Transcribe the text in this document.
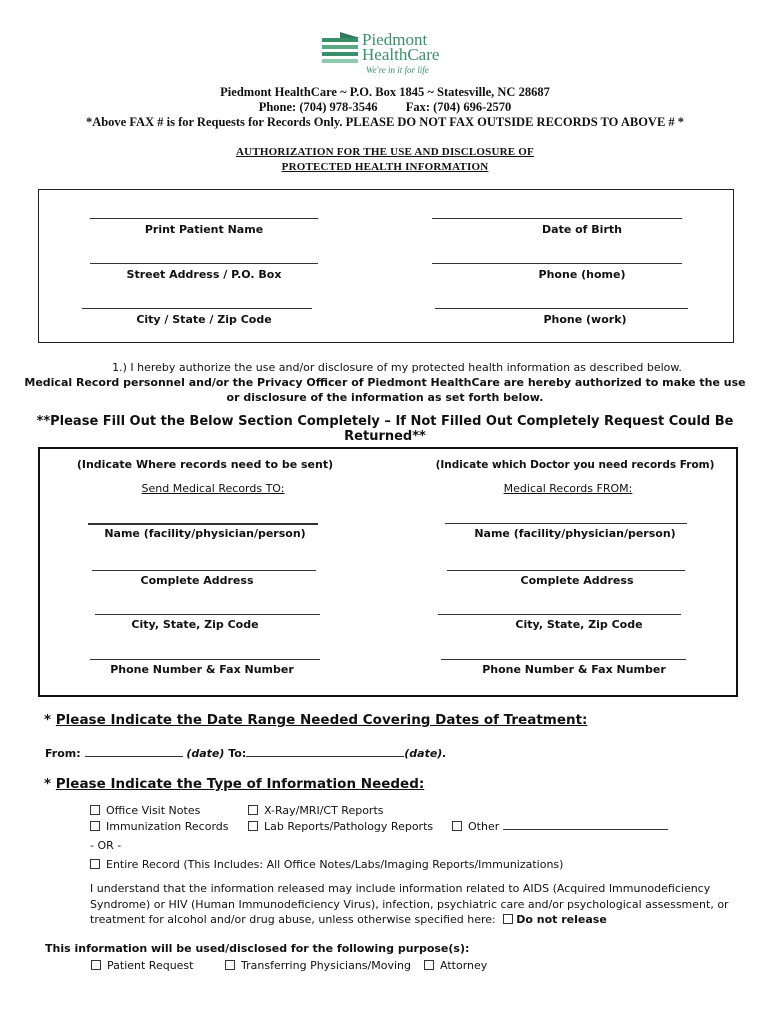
Piedmont
HealthCare
We're in it for life
Piedmont HealthCare ~ P.O. Box 1845 ~ Statesville, NC 28687
Phone: (704) 978-3546 Fax: (704) 696-2570
*Above FAX # is for Requests for Records Only. PLEASE DO NOT FAX OUTSIDE RECORDS TO ABOVE # *
AUTHORIZATION FOR THE USE AND DISCLOSURE OF
PROTECTED HEALTH INFORMATION
Print Patient Name	Date of Birth
Street Address / P.O. Box	Phone (home)
City / State / Zip Code	Phone (work)
1.) I hereby authorize the use and/or disclosure of my protected health information as described below.
Medical Record personnel and/or the Privacy Officer of Piedmont HealthCare are hereby authorized to make the use
or disclosure of the information as set forth below.
**Please Fill Out the Below Section Completely – If Not Filled Out Completely Request Could Be Returned**
(Indicate Where records need to be sent)	(Indicate which Doctor you need records From)
Send Medical Records TO:	Medical Records FROM:
Name (facility/physician/person)	Name (facility/physician/person)
Complete Address	Complete Address
City, State, Zip Code	City, State, Zip Code
Phone Number & Fax Number	Phone Number & Fax Number
* Please Indicate the Date Range Needed Covering Dates of Treatment:
From:	(date) To:	(date).
* Please Indicate the Type of Information Needed:
Office Visit Notes	X-Ray/MRI/CT Reports
Immunization Records	Lab Reports/Pathology Reports	Other
- OR -
Entire Record (This Includes: All Office Notes/Labs/Imaging Reports/Immunizations)
I understand that the information released may include information related to AIDS (Acquired Immunodeficiency
Syndrome) or HIV (Human Immunodeficiency Virus), infection, psychiatric care and/or psychological assessment, or
treatment for alcohol and/or drug abuse, unless otherwise specified here: Do not release
This information will be used/disclosed for the following purpose(s):
Patient Request	Transferring Physicians/Moving	Attorney
